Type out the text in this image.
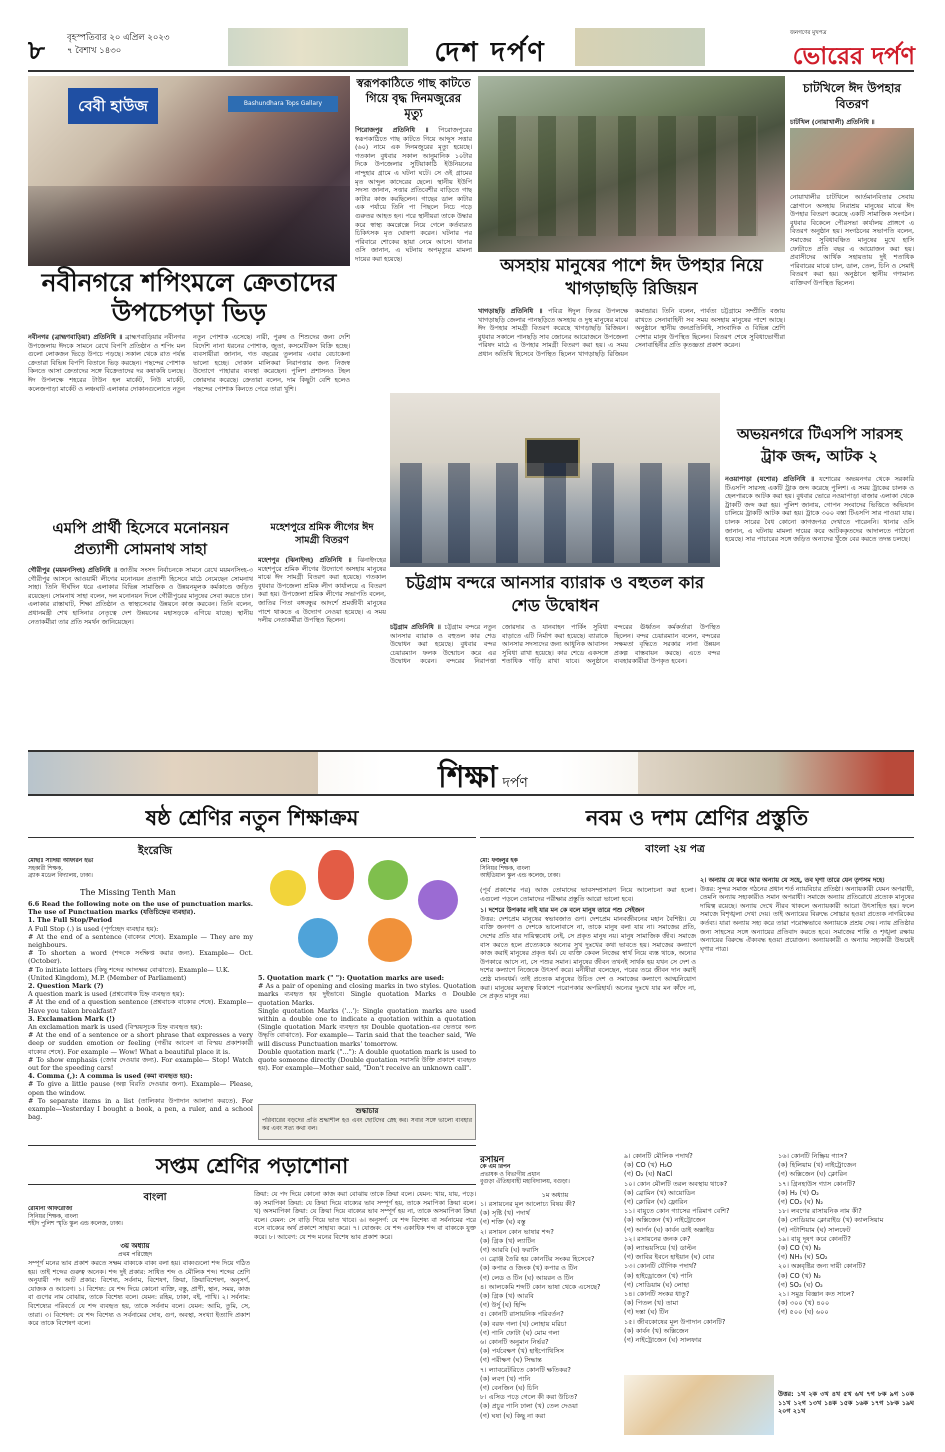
৮	বৃহস্পতিবার ২০ এপ্রিল ২০২৩
৭ বৈশাখ ১৪৩০	দেশ দর্পণ
জনগণের মুখপত্র
ভোরের দর্পণ
বেবী হাউজ	Bashundhara Tops Gallary
নবীনগরে শপিংমলে ক্রেতাদের উপচেপড়া ভিড়
নবীনগর (ব্রাহ্মণবাড়িয়া) প্রতিনিধি ॥ ব্রাহ্মণবাড়িয়ার নবীনগর উপজেলায় ঈদকে সামনে রেখে বিপণি প্রতিষ্ঠান ও শপিং মল গুলো লোকজন ভিড়ে উপচে পড়ছে। সকাল থেকে রাত পর্যন্ত ক্রেতারা বিভিন্ন বিপণি বিতানে ভিড় করছেন। পছন্দের পোশাক কিনতে আসা ক্রেতাদের সঙ্গে বিক্রেতাদের দর কষাকষি চলছে। ঈদ উপলক্ষে শহরের টাউন হল মার্কেট, নিউ মার্কেট, কলেজপাড়া মার্কেট ও লঞ্চঘাট এলাকার দোকানগুলোতে নতুন নতুন পোশাক এসেছে। নারী, পুরুষ ও শিশুদের জন্য দেশি বিদেশি নানা ধরনের পোশাক, জুতা, কসমেটিকস বিক্রি হচ্ছে। ব্যবসায়ীরা জানান, গত বছরের তুলনায় এবার বেচাকেনা ভালো হচ্ছে। দোকান মালিকরা নিরাপত্তার জন্য নিজস্ব উদ্যোগে পাহারার ব্যবস্থা করেছেন। পুলিশ প্রশাসনও টহল জোরদার করেছে। ক্রেতারা বলেন, দাম কিছুটা বেশি হলেও পছন্দের পোশাক কিনতে পেরে তারা খুশি।
স্বরূপকাঠিতে গাছ কাটতে গিয়ে বৃদ্ধ দিনমজুরের মৃত্যু
পিরোজপুর প্রতিনিধি ॥ পিরোজপুরের স্বরূপকাঠিতে গাছ কাটতে গিয়ে আব্দুস সত্তার (৬০) নামে এক দিনমজুরের মৃত্যু হয়েছে। গতকাল বুধবার সকাল আনুমানিক ১০টার দিকে উপজেলার সুটিয়াকাঠি ইউনিয়নের নান্দুহার গ্রামে এ ঘটনা ঘটে। সে ওই গ্রামের মৃত আব্দুল কাদেরের ছেলে। স্থানীয় ইউপি সদস্য জানান, সত্তার প্রতিবেশীর বাড়িতে গাছ কাটার কাজ করছিলেন। গাছের ডাল কাটার এক পর্যায়ে তিনি পা পিছলে নিচে পড়ে গুরুতর আহত হন। পরে স্থানীয়রা তাকে উদ্ধার করে স্বাস্থ্য কমপ্লেক্সে নিয়ে গেলে কর্তব্যরত চিকিৎসক মৃত ঘোষণা করেন। ঘটনার পর পরিবারে শোকের ছায়া নেমে আসে। থানার ওসি জানান, এ ঘটনায় অপমৃত্যুর মামলা দায়ের করা হয়েছে।	অসহায় মানুষের পাশে ঈদ উপহার নিয়ে খাগড়াছড়ি রিজিয়ন
খাগড়াছড়ি প্রতিনিধি ॥ পবিত্র ঈদুল ফিতর উপলক্ষে খাগড়াছড়ি জেলার পানছড়িতে অসহায় ও দুস্থ মানুষের মাঝে ঈদ উপহার সামগ্রী বিতরণ করেছে খাগড়াছড়ি রিজিয়ন। বুধবার সকালে পানছড়ি সাব জোনের আয়োজনে উপজেলা পরিষদ মাঠে এ উপহার সামগ্রী বিতরণ করা হয়। এ সময় প্রধান অতিথি হিসেবে উপস্থিত ছিলেন খাগড়াছড়ি রিজিয়ন কমান্ডার। তিনি বলেন, পার্বত্য চট্টগ্রামে সম্প্রীতি বজায় রাখতে সেনাবাহিনী সব সময় অসহায় মানুষের পাশে আছে। অনুষ্ঠানে স্থানীয় জনপ্রতিনিধি, সাংবাদিক ও বিভিন্ন শ্রেণি পেশার মানুষ উপস্থিত ছিলেন। বিতরণ শেষে সুবিধাভোগীরা সেনাবাহিনীর প্রতি কৃতজ্ঞতা প্রকাশ করেন।
চাটখিলে ঈদ উপহার বিতরণ
চাটখিল (নোয়াখালী) প্রতিনিধি ॥
নোয়াখালীর চাটখিলে আর্তমানবিতার সেবায় স্লোগানে অসহায় নিরাশ্রয় মানুষের মাঝে ঈদ উপহার বিতরণ করেছে একটি সামাজিক সংগঠন। বুধবার বিকেলে পৌরসভা কার্যালয় প্রাঙ্গণে এ বিতরণ অনুষ্ঠান হয়। সংগঠনের সভাপতি বলেন, সমাজের সুবিধাবঞ্চিত মানুষের মুখে হাসি ফোটাতে প্রতি বছর এ আয়োজন করা হয়। প্রবাসীদের আর্থিক সহায়তায় দুই শতাধিক পরিবারের মাঝে চাল, ডাল, তেল, চিনি ও সেমাই বিতরণ করা হয়। অনুষ্ঠানে স্থানীয় গণ্যমান্য ব্যক্তিবর্গ উপস্থিত ছিলেন।
অভয়নগরে টিএসপি সারসহ ট্রাক জব্দ, আটক ২
নওয়াপাড়া (যশোর) প্রতিনিধি ॥ যশোরের অভয়নগর থেকে সরকারি টিএসপি সারসহ একটি ট্রাক জব্দ করেছে পুলিশ। এ সময় ট্রাকের চালক ও হেলপারকে আটক করা হয়। বুধবার ভোরে নওয়াপাড়া বাজার এলাকা থেকে ট্রাকটি জব্দ করা হয়। পুলিশ জানায়, গোপন সংবাদের ভিত্তিতে অভিযান চালিয়ে ট্রাকটি আটক করা হয়। ট্রাকে ৩০০ বস্তা টিএসপি সার পাওয়া যায়। চালক সারের বৈধ কোনো কাগজপত্র দেখাতে পারেননি। থানার ওসি জানান, এ ঘটনায় মামলা দায়ের করে আটককৃতদের আদালতে পাঠানো হয়েছে। সার পাচারের সঙ্গে জড়িত অন্যদের খুঁজে বের করতে তদন্ত চলছে।
এমপি প্রার্থী হিসেবে মনোনয়ন প্রত্যাশী সোমনাথ সাহা
গৌরীপুর (ময়মনসিংহ) প্রতিনিধি ॥ জাতীয় সংসদ নির্বাচনকে সামনে রেখে ময়মনসিংহ-৩ গৌরীপুর আসনে আওয়ামী লীগের মনোনয়ন প্রত্যাশী হিসেবে মাঠে নেমেছেন সোমনাথ সাহা। তিনি দীর্ঘদিন ধরে এলাকার বিভিন্ন সামাজিক ও উন্নয়নমূলক কর্মকাণ্ডে জড়িত রয়েছেন। সোমনাথ সাহা বলেন, দল মনোনয়ন দিলে গৌরীপুরের মানুষের সেবা করতে চান। এলাকার রাস্তাঘাট, শিক্ষা প্রতিষ্ঠান ও স্বাস্থ্যসেবার উন্নয়নে কাজ করবেন। তিনি বলেন, প্রধানমন্ত্রী শেখ হাসিনার নেতৃত্বে দেশ উন্নয়নের মহাসড়কে এগিয়ে যাচ্ছে। স্থানীয় নেতাকর্মীরা তার প্রতি সমর্থন জানিয়েছেন।
মহেশপুরে শ্রমিক লীগের ঈদ সামগ্রী বিতরণ
মহেশপুর (ঝিনাইদহ) প্রতিনিধি ॥ ঝিনাইদহের মহেশপুরে শ্রমিক লীগের উদ্যোগে অসহায় মানুষের মাঝে ঈদ সামগ্রী বিতরণ করা হয়েছে। গতকাল বুধবার উপজেলা শ্রমিক লীগ কার্যালয়ে এ বিতরণ করা হয়। উপজেলা শ্রমিক লীগের সভাপতি বলেন, জাতির পিতা বঙ্গবন্ধুর আদর্শে শ্রমজীবী মানুষের পাশে থাকতে এ উদ্যোগ নেওয়া হয়েছে। এ সময় দলীয় নেতাকর্মীরা উপস্থিত ছিলেন।
চট্টগ্রাম বন্দরে আনসার ব্যারাক ও বহুতল কার শেড উদ্বোধন
চট্টগ্রাম প্রতিনিধি ॥ চট্টগ্রাম বন্দরে নতুন আনসার ব্যারাক ও বহুতল কার শেড উদ্বোধন করা হয়েছে। বুধবার বন্দর চেয়ারম্যান ফলক উন্মোচন করে এর উদ্বোধন করেন। বন্দরের নিরাপত্তা জোরদার ও যানবাহন পার্কিং সুবিধা বাড়াতে এটি নির্মাণ করা হয়েছে। ব্যারাকে আনসার সদস্যদের জন্য আধুনিক আবাসন সুবিধা রাখা হয়েছে। কার শেডে একসঙ্গে শতাধিক গাড়ি রাখা যাবে। অনুষ্ঠানে বন্দরের ঊর্ধ্বতন কর্মকর্তারা উপস্থিত ছিলেন। বন্দর চেয়ারম্যান বলেন, বন্দরের সক্ষমতা বৃদ্ধিতে সরকার নানা উন্নয়ন প্রকল্প বাস্তবায়ন করছে। এতে বন্দর ব্যবহারকারীরা উপকৃত হবেন।
শিক্ষা দর্পণ
ষষ্ঠ শ্রেণির নতুন শিক্ষাক্রম
ইংরেজি
মোছাঃ সাদিয়া আফরিন ইভা
সহকারী শিক্ষক,
ব্র্যাক মডেল বিদ্যালয়, ঢাকা।
The Missing Tenth Man
6.6 Read the following note on the use of punctuation marks. The use of Punctuation marks (যতিচিহ্নের ব্যবহার).
1. The Full Stop/Period
A Full Stop (.) is used (পূর্ণচ্ছেদ ব্যবহার হয়):
# At the end of a sentence (বাক্যের শেষে). Example — They are my neighbours.
# To shorten a word (শব্দকে সংক্ষিপ্ত করার জন্য). Example— Oct. (October).
# To initiate letters (কিছু শব্দের আদ্যক্ষর বোঝাতে). Example— U.K.
(United Kingdom), M.P. (Member of Parliament)
2. Question Mark (?)
A question mark is used (প্রশ্নবোধক চিহ্ন ব্যবহৃত হয়):
# At the end of a question sentence (প্রশ্নবাচক বাক্যের শেষে). Example— Have you taken breakfast?
3. Exclamation Mark (!)
An exclamation mark is used (বিস্ময়সূচক চিহ্ন ব্যবহৃত হয়):
# At the end of a sentence or a short phrase that expresses a very deep or sudden emotion or feeling (গভীর আবেগ বা বিস্ময় প্রকাশকারী বাক্যের শেষে). For example — Wow! What a beautiful place it is.
# To show emphasis (জোর দেওয়ার জন্য). For example— Stop! Watch out for the speeding cars!
4. Comma (,): A comma is used (কমা ব্যবহৃত হয়):
# To give a little pause (অল্প বিরতি দেওয়ার জন্য). Example— Please, open the window.
# To separate items in a list (তালিকার উপাদান আলাদা করতে). For example—Yesterday I bought a book, a pen, a ruler, and a school bag.
5. Quotation mark (" "): Quotation marks are used:
# As a pair of opening and closing marks in two styles. Quotation marks ব্যবহৃত হয় দুইভাবে। Single quotation Marks ও Double quotation Marks.
Single quotation Marks ('...'): Single quotation marks are used within a double one to indicate a quotation within a quotation (Single quotation Mark ব্যবহৃত হয় Double quotation-এর ভেতরে অন্য উদ্ধৃতি বোঝাতে). For example— Tarin said that the teacher said, 'We will discuss Punctuation marks' tomorrow.
Double quotation mark ("..."): A double quotation mark is used to quote someone directly (Double quotation সরাসরি উক্তি প্রকাশে ব্যবহৃত হয়). For example—Mother said, "Don't receive an unknown call".
শুদ্ধাচার
পরিবারের বড়দের প্রতি শ্রদ্ধাশীল হও এবং ছোটদের স্নেহ কর। সবার সঙ্গে ভালো ব্যবহার কর এবং সত্য কথা বল।
নবম ও দশম শ্রেণির প্রস্তুতি
বাংলা ২য় পত্র
মো: ফজলুর হক
সিনিয়র শিক্ষক, বাংলা
আইডিয়াল স্কুল এন্ড কলেজ, ঢাকা।
(পূর্ব প্রকাশের পর) আজ তোমাদের ভাবসম্প্রসারণ নিয়ে আলোচনা করা হলো। এগুলো পড়লে তোমাদের পরীক্ষার প্রস্তুতি আরো ভালো হবে।
১। দশেরে উপকার নাই যার মন কে বলে মানুষ তারে পশু সেইজন
উত্তর: দেশপ্রেম মানুষের স্বভাবজাত গুণ। দেশপ্রেম মানবজীবনের মহান বৈশিষ্ট্য। যে ব্যক্তি জনগণ ও দেশকে ভালোবাসে না, তাকে মানুষ বলা যায় না। সমাজের প্রতি, দেশের প্রতি যার দায়িত্ববোধ নেই, সে প্রকৃত মানুষ নয়। মানুষ সামাজিক জীব। সমাজে বাস করতে হলে প্রত্যেককে অন্যের সুখ দুঃখের কথা ভাবতে হয়। সমাজের কল্যাণে কাজ করাই মানুষের প্রকৃত ধর্ম। যে ব্যক্তি কেবল নিজের স্বার্থ নিয়ে ব্যস্ত থাকে, অন্যের উপকারে আসে না, সে পশুর সমান। মানুষের জীবন তখনই সার্থক হয় যখন সে দেশ ও দশের কল্যাণে নিজেকে উৎসর্গ করে। মনীষীরা বলেছেন, পরের তরে জীবন দান করাই শ্রেষ্ঠ মানবধর্ম। তাই প্রত্যেক মানুষের উচিত দেশ ও সমাজের কল্যাণে আত্মনিয়োগ করা। মানুষের মনুষ্যত্ব বিকাশে পরোপকার অপরিহার্য। অন্যের দুঃখে যার মন কাঁদে না, সে প্রকৃত মানুষ নয়।
২। অন্যায় যে করে আর অন্যায় যে সহে, তব ঘৃণা তারে যেন তৃণসম দহে।
উত্তর: সুন্দর সমাজ গঠনের প্রধান শর্ত ন্যায়বিচার প্রতিষ্ঠা। অন্যায়কারী যেমন অপরাধী, তেমনি অন্যায় সহ্যকারীও সমান অপরাধী। সমাজে অন্যায় প্রতিরোধে প্রত্যেক মানুষের দায়িত্ব রয়েছে। অন্যায় দেখে নীরব থাকলে অন্যায়কারী আরো উৎসাহিত হয়। ফলে সমাজে বিশৃঙ্খলা দেখা দেয়। তাই অন্যায়ের বিরুদ্ধে সোচ্চার হওয়া প্রত্যেক নাগরিকের কর্তব্য। যারা অন্যায় সহ্য করে তারা পরোক্ষভাবে অন্যায়কে প্রশ্রয় দেয়। ন্যায় প্রতিষ্ঠার জন্য সাহসের সঙ্গে অন্যায়ের প্রতিবাদ করতে হবে। সমাজের শান্তি ও শৃঙ্খলা রক্ষায় অন্যায়ের বিরুদ্ধে ঐক্যবদ্ধ হওয়া প্রয়োজন। অন্যায়কারী ও অন্যায় সহ্যকারী উভয়েই ঘৃণার পাত্র।
সপ্তম শ্রেণির পড়াশোনা
বাংলা
রোমানা আফরোজা
সিনিয়র শিক্ষক, বাংলা
শহীদ পুলিশ স্মৃতি স্কুল এন্ড কলেজ, ঢাকা।
৩য় অধ্যায়
প্রথম পরিচ্ছেদ
সম্পূর্ণ মনের ভাব প্রকাশ করতে সক্ষম বাক্যকে বাক্য বলা হয়। বাক্যগুলো শব্দ দিয়ে গঠিত হয়। তাই শব্দের গুরুত্ব অনেক। শব্দ দুই প্রকার: সাধিত শব্দ ও মৌলিক শব্দ। শব্দের শ্রেণি অনুযায়ী পদ আট প্রকার: বিশেষ্য, সর্বনাম, বিশেষণ, ক্রিয়া, ক্রিয়াবিশেষণ, অনুসর্গ, যোজক ও আবেগ। ১। বিশেষ্য: যে শব্দ দিয়ে কোনো ব্যক্তি, বস্তু, প্রাণী, স্থান, সময়, কাজ বা গুণের নাম বোঝায়, তাকে বিশেষ্য বলে। যেমন: রহিম, ঢাকা, বই, পাখি। ২। সর্বনাম: বিশেষ্যের পরিবর্তে যে শব্দ ব্যবহৃত হয়, তাকে সর্বনাম বলে। যেমন: আমি, তুমি, সে, তারা। ৩। বিশেষণ: যে শব্দ বিশেষ্য ও সর্বনামের দোষ, গুণ, অবস্থা, সংখ্যা ইত্যাদি প্রকাশ করে তাকে বিশেষণ বলে।
ক্রিয়া: যে পদ দিয়ে কোনো কাজ করা বোঝায় তাকে ক্রিয়া বলে। যেমন: খায়, যায়, পড়ে। ক) সমাপিকা ক্রিয়া: যে ক্রিয়া দিয়ে বাক্যের ভাব সম্পূর্ণ হয়, তাকে সমাপিকা ক্রিয়া বলে। খ) অসমাপিকা ক্রিয়া: যে ক্রিয়া দিয়ে বাক্যের ভাব সম্পূর্ণ হয় না, তাকে অসমাপিকা ক্রিয়া বলে। যেমন: সে বাড়ি গিয়ে ভাত খাবে। ৬। অনুসর্গ: যে শব্দ বিশেষ্য বা সর্বনামের পরে বসে বাক্যের অর্থ প্রকাশে সাহায্য করে। ৭। যোজক: যে শব্দ একাধিক শব্দ বা বাক্যকে যুক্ত করে। ৮। আবেগ: যে শব্দ মনের বিশেষ ভাব প্রকাশ করে।
রসায়ন
কে এম রিপন
প্রভাষক ও বিভাগীয় প্রধান
বুগুড়া ঐতিহ্যবাহী মহাবিদ্যালয়, বগুড়া।
১ম অধ্যায়
১। রসায়নের মূল আলোচ্য বিষয় কী?
(ক) সৃষ্টি (খ) পদার্থ
(গ) শক্তি (ঘ) বস্তু
২। রসায়ন কোন ভাষার শব্দ?
(ক) গ্রিক (খ) ল্যাটিন
(গ) আরবি (ঘ) ফরাসি
৩। ব্রোঞ্জ তৈরি হয় কোনটির সংকর হিসেবে?
(ক) কপার ও জিংক (খ) কপার ও টিন
(গ) লেড ও টিন (ঘ) আয়রন ও টিন
৪। আলকেমি শব্দটি কোন ভাষা থেকে এসেছে?
(ক) গ্রিক (খ) আরবি
(গ) উর্দু (ঘ) হিন্দি
৫। কোনটি রাসায়নিক পরিবর্তন?
(ক) বরফ গলা (খ) লোহায় মরিচা
(গ) পানি ফোটা (ঘ) মোম গলা
৬। কোনটি অনুমান নির্ভর?
(ক) পর্যবেক্ষণ (খ) হাইপোথিসিস
(গ) পরীক্ষণ (ঘ) সিদ্ধান্ত
৭। ল্যাবরেটরিতে কোনটি ক্ষতিকর?
(ক) লবণ (খ) পানি
(গ) বেনজিন (ঘ) চিনি
৮। এসিড পড়ে গেলে কী করা উচিত?
(ক) প্রচুর পানি ঢালা (খ) তেল দেওয়া
(গ) ঘষা (ঘ) কিছু না করা
৯। কোনটি মৌলিক পদার্থ?
(ক) CO (খ) H₂O
(গ) O₂ (ঘ) NaCl
১০। কোন মৌলটি তরল অবস্থায় থাকে?
(ক) ব্রোমিন (খ) আয়োডিন
(গ) ক্লোরিন (ঘ) ফ্লোরিন
১১। বায়ুতে কোন গ্যাসের পরিমাণ বেশি?
(ক) অক্সিজেন (খ) নাইট্রোজেন
(গ) আর্গন (ঘ) কার্বন ডাই অক্সাইড
১২। রসায়নের জনক কে?
(ক) ল্যাভয়সিয়ে (খ) ডাল্টন
(গ) জাবির ইবনে হাইয়ান (ঘ) বোর
১৩। কোনটি যৌগিক পদার্থ?
(ক) হাইড্রোজেন (খ) পানি
(গ) সোডিয়াম (ঘ) লোহা
১৪। কোনটি সংকর ধাতু?
(ক) পিতল (খ) তামা
(গ) দস্তা (ঘ) টিন
১৫। জীবকোষের মূল উপাদান কোনটি?
(ক) কার্বন (খ) অক্সিজেন
(গ) নাইট্রোজেন (ঘ) সালফার
১৬। কোনটি নিষ্ক্রিয় গ্যাস?
(ক) হিলিয়াম (খ) নাইট্রোজেন
(গ) অক্সিজেন (ঘ) ক্লোরিন
১৭। গ্রিনহাউস গ্যাস কোনটি?
(ক) H₂ (খ) O₂
(গ) CO₂ (ঘ) N₂
১৮। লবণের রাসায়নিক নাম কী?
(ক) সোডিয়াম ক্লোরাইড (খ) ক্যালসিয়াম
(গ) পটাশিয়াম (ঘ) সালফেট
১৯। বায়ু দূষণ করে কোনটি?
(ক) CO (খ) N₂
(গ) NH₃ (ঘ) SO₂
২০। অম্লবৃষ্টির জন্য দায়ী কোনটি?
(ক) CO (খ) N₂
(গ) SO₂ (ঘ) O₂
২১। সমুদ্র বিজ্ঞান কত সালে?
(ক) ৩০০ (খ) ৪০০
(গ) ৫০০ (ঘ) ৬০০
উত্তর: ১খ ২ক ৩খ ৪খ ৫খ ৬খ ৭গ ৮ক ৯গ ১০ক ১১খ ১২গ ১৩খ ১৪ক ১৫ক ১৬ক ১৭গ ১৮ক ১৯ঘ ২০গ ২১খ
